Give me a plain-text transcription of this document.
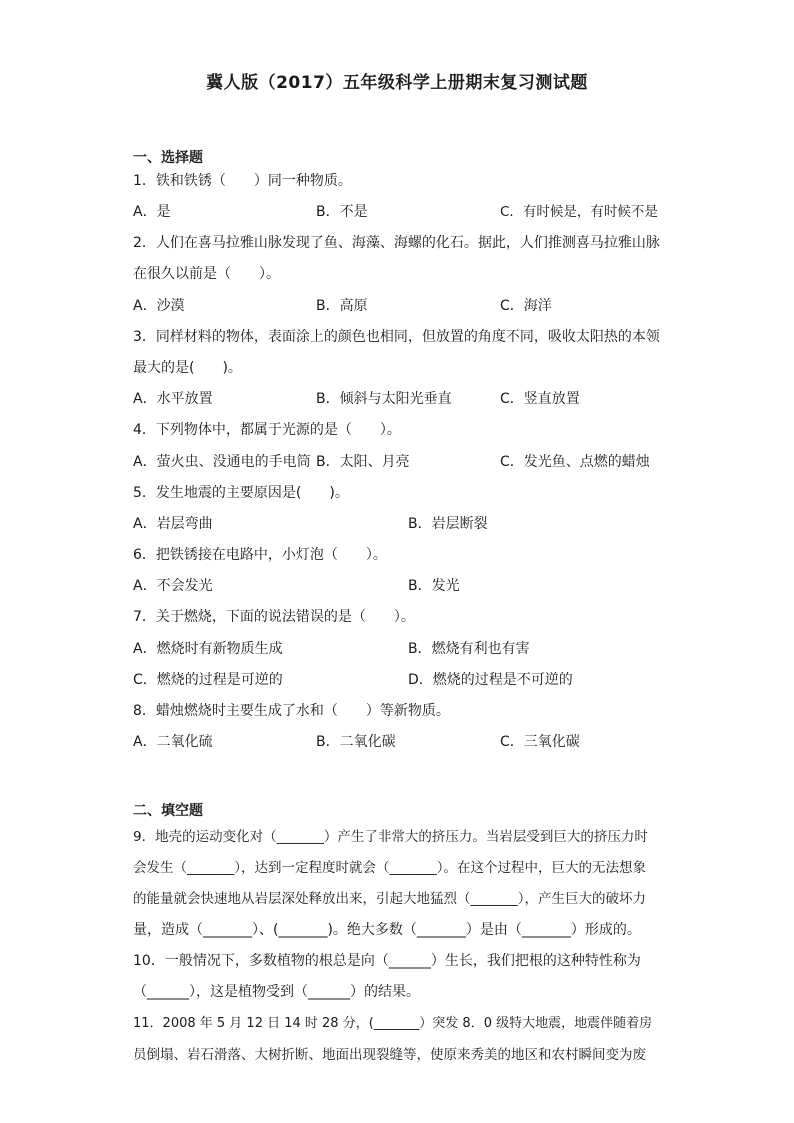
冀人版（2017）五年级科学上册期末复习测试题
一、选择题
1．铁和铁锈（　　）同一种物质。
A．是	B．不是	C．有时候是，有时候不是
2．人们在喜马拉雅山脉发现了鱼、海藻、海螺的化石。据此，人们推测喜马拉雅山脉
在很久以前是（　　）。
A．沙漠	B．高原	C．海洋
3．同样材料的物体，表面涂上的颜色也相同，但放置的角度不同，吸收太阳热的本领
最大的是(　　)。
A．水平放置	B．倾斜与太阳光垂直	C．竖直放置
4．下列物体中，都属于光源的是（　　）。
A．萤火虫、没通电的手电筒 B．太阳、月亮	C．发光鱼、点燃的蜡烛
5．发生地震的主要原因是(　　)。
A．岩层弯曲	B．岩层断裂
6．把铁锈接在电路中，小灯泡（　　）。
A．不会发光	B．发光
7．关于燃烧，下面的说法错误的是（　　）。
A．燃烧时有新物质生成	B．燃烧有利也有害
C．燃烧的过程是可逆的	D．燃烧的过程是不可逆的
8．蜡烛燃烧时主要生成了水和（　　）等新物质。
A．二氧化硫	B．二氧化碳	C．三氧化碳
二、填空题
9．地壳的运动变化对（_______）产生了非常大的挤压力。当岩层受到巨大的挤压力时
会发生（_______），达到一定程度时就会（_______）。在这个过程中，巨大的无法想象
的能量就会快速地从岩层深处释放出来，引起大地猛烈（_______），产生巨大的破坏力
量，造成（_______）、(_______)。绝大多数（_______）是由（_______）形成的。
10．一般情况下，多数植物的根总是向（______）生长，我们把根的这种特性称为
（______），这是植物受到（______）的结果。
11．2008 年 5 月 12 日 14 时 28 分，(_______）突发 8．0 级特大地震，地震伴随着房
员倒塌、岩石滑落、大树折断、地面出现裂缝等，使原来秀美的地区和农村瞬间变为废
